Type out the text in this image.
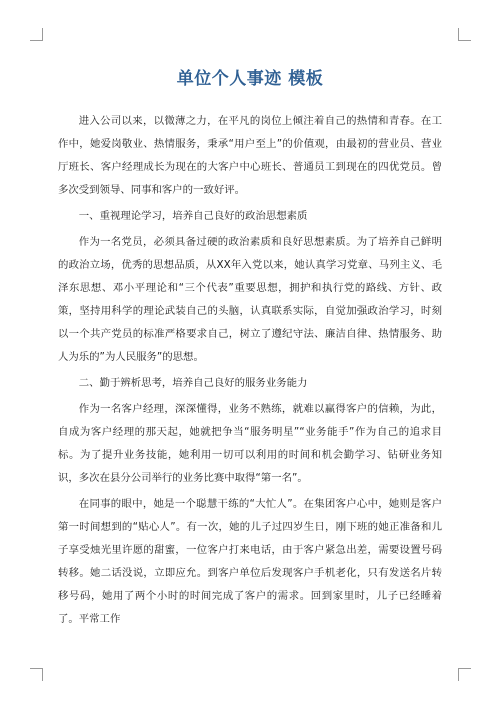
单位个人事迹 模板

进入公司以来，以微薄之力，在平凡的岗位上倾注着自己的热情和青春。在工作中，她爱岗敬业、热情服务，秉承“用户至上”的价值观，由最初的营业员、营业厅班长、客户经理成长为现在的大客户中心班长、普通员工到现在的四优党员。曾多次受到领导、同事和客户的一致好评。

一、重视理论学习，培养自己良好的政治思想素质

作为一名党员，必须具备过硬的政治素质和良好思想素质。为了培养自己鲜明的政治立场，优秀的思想品质，从XX年入党以来，她认真学习党章、马列主义、毛泽东思想、邓小平理论和“三个代表”重要思想，拥护和执行党的路线、方针、政策，坚持用科学的理论武装自己的头脑，认真联系实际，自觉加强政治学习，时刻以一个共产党员的标准严格要求自己，树立了遵纪守法、廉洁自律、热情服务、助人为乐的”为人民服务”的思想。

二、勤于辨析思考，培养自己良好的服务业务能力

作为一名客户经理，深深懂得，业务不熟练，就难以赢得客户的信赖，为此，自成为客户经理的那天起，她就把争当“服务明星”“业务能手”作为自己的追求目标。为了提升业务技能，她利用一切可以利用的时间和机会勤学习、钻研业务知识，多次在县分公司举行的业务比赛中取得“第一名”。

在同事的眼中，她是一个聪慧干练的“大忙人”。在集团客户心中，她则是客户第一时间想到的“贴心人”。有一次，她的儿子过四岁生日，刚下班的她正准备和儿子享受烛光里许愿的甜蜜，一位客户打来电话，由于客户紧急出差，需要设置号码转移。她二话没说，立即应允。到客户单位后发现客户手机老化，只有发送名片转移号码，她用了两个小时的时间完成了客户的需求。回到家里时，儿子已经睡着了。平常工作
